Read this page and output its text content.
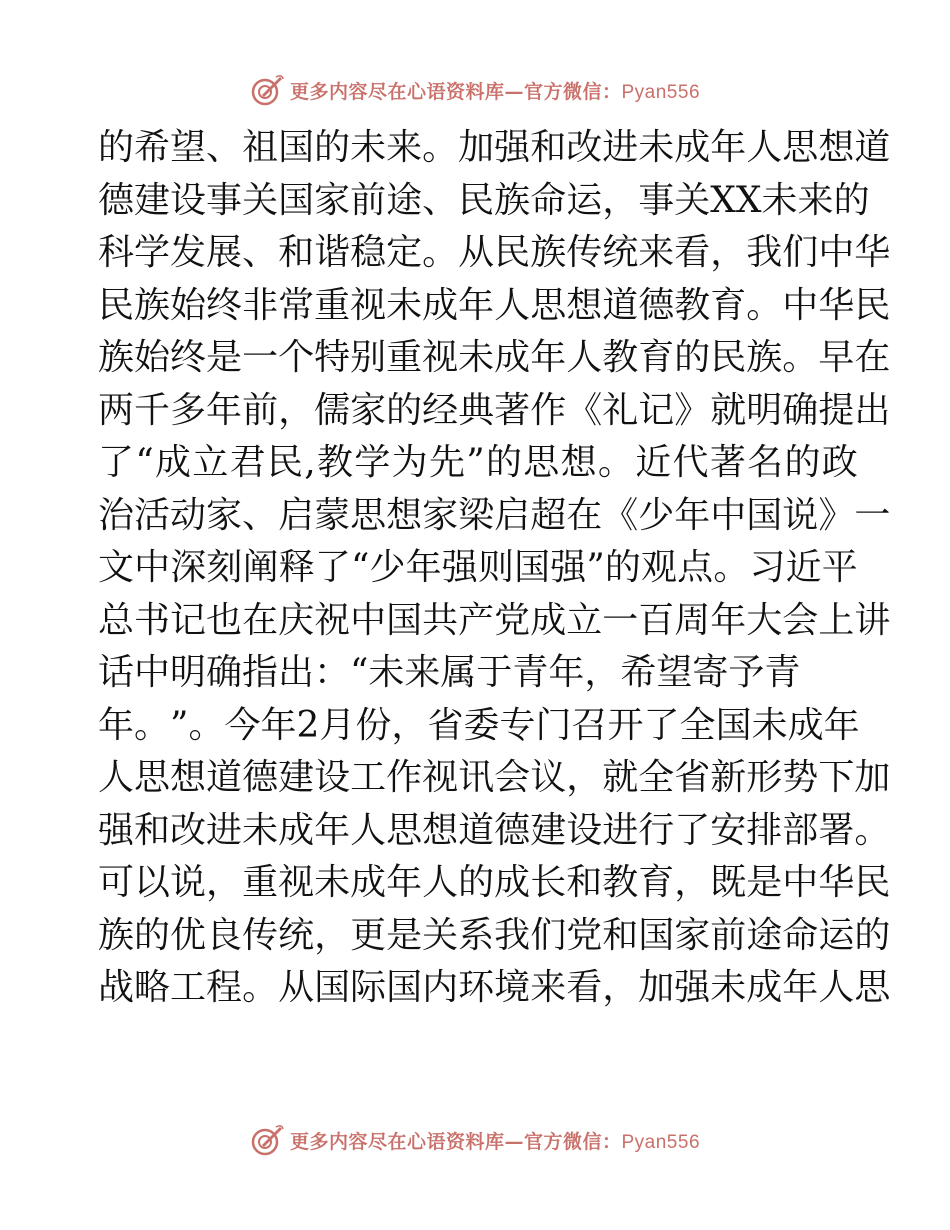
更多内容尽在心语资料库—官方微信：Pyan556
的 希 望 、 祖 国 的 未 来 。 加 强 和 改 进 未 成 年 人 思 想 道
德 建 设 事 关 国 家 前 途 、 民 族 命 运 ， 事 关 XX 未 来 的
科 学 发 展 、 和 谐 稳 定 。 从 民 族 传 统 来 看 ， 我 们 中 华
民 族 始 终 非 常 重 视 未 成 年 人 思 想 道 德 教 育 。 中 华 民
族 始 终 是 一 个 特 别 重 视 未 成 年 人 教 育 的 民 族 。 早 在
两 千 多 年 前 ， 儒 家 的 经 典 著 作 《 礼 记 》 就 明 确 提 出
了 “ 成 立 君 民 , 教 学 为 先 ” 的 思 想 。 近 代 著 名 的 政
治 活 动 家 、 启 蒙 思 想 家 梁 启 超 在 《 少 年 中 国 说 》 一
文 中 深 刻 阐 释 了 “ 少 年 强 则 国 强 ” 的 观 点 。 习 近 平
总 书 记 也 在 庆 祝 中 国 共 产 党 成 立 一 百 周 年 大 会 上 讲
话中明确指出：“未来属于青年，希望寄予青
年 。 ” 。 今 年 2 月 份 ， 省 委 专 门 召 开 了 全 国 未 成 年
人 思 想 道 德 建 设 工 作 视 讯 会 议 ， 就 全 省 新 形 势 下 加
强 和 改 进 未 成 年 人 思 想 道 德 建 设 进 行 了 安 排 部 署 。
可 以 说 ， 重 视 未 成 年 人 的 成 长 和 教 育 ， 既 是 中 华 民
族 的 优 良 传 统 ， 更 是 关 系 我 们 党 和 国 家 前 途 命 运 的
战 略 工 程 。 从 国 际 国 内 环 境 来 看 ， 加 强 未 成 年 人 思
更多内容尽在心语资料库—官方微信：Pyan556
